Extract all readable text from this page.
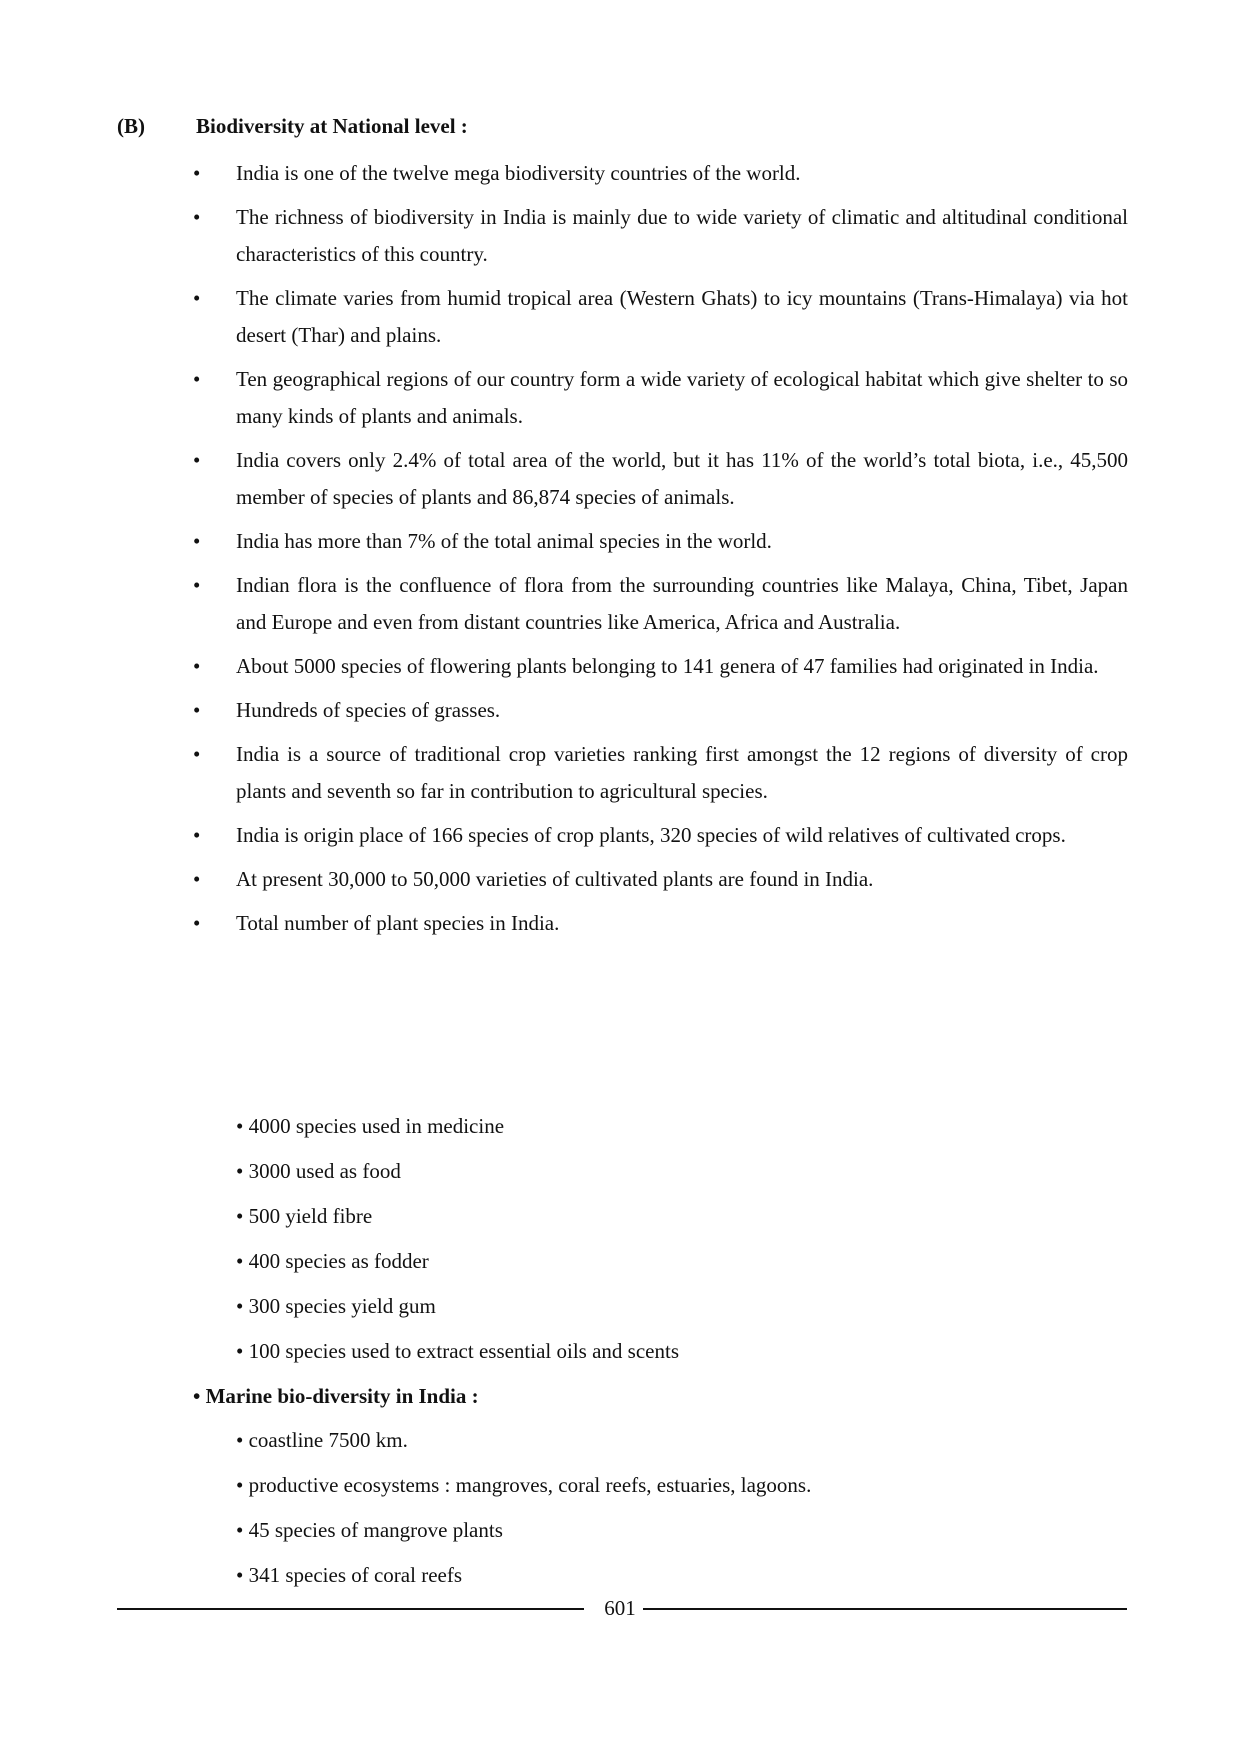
(B) Biodiversity at National level :
• India is one of the twelve mega biodiversity countries of the world.
• The richness of biodiversity in India is mainly due to wide variety of climatic and altitudinal conditional characteristics of this country.
• The climate varies from humid tropical area (Western Ghats) to icy mountains (Trans-Himalaya) via hot desert (Thar) and plains.
• Ten geographical regions of our country form a wide variety of ecological habitat which give shelter to so many kinds of plants and animals.
• India covers only 2.4% of total area of the world, but it has 11% of the world’s total biota, i.e., 45,500 member of species of plants and 86,874 species of animals.
• India has more than 7% of the total animal species in the world.
• Indian flora is the confluence of flora from the surrounding countries like Malaya, China, Tibet, Japan and Europe and even from distant countries like America, Africa and Australia.
• About 5000 species of flowering plants belonging to 141 genera of 47 families had originated in India.
• Hundreds of species of grasses.
• India is a source of traditional crop varieties ranking first amongst the 12 regions of diversity of crop plants and seventh so far in contribution to agricultural species.
• India is origin place of 166 species of crop plants, 320 species of wild relatives of cultivated crops.
• At present 30,000 to 50,000 varieties of cultivated plants are found in India.
• Total number of plant species in India.
• 4000 species used in medicine
• 3000 used as food
• 500 yield fibre
• 400 species as fodder
• 300 species yield gum
• 100 species used to extract essential oils and scents
• Marine bio-diversity in India :
• coastline 7500 km.
• productive ecosystems : mangroves, coral reefs, estuaries, lagoons.
• 45 species of mangrove plants
• 341 species of coral reefs
601
